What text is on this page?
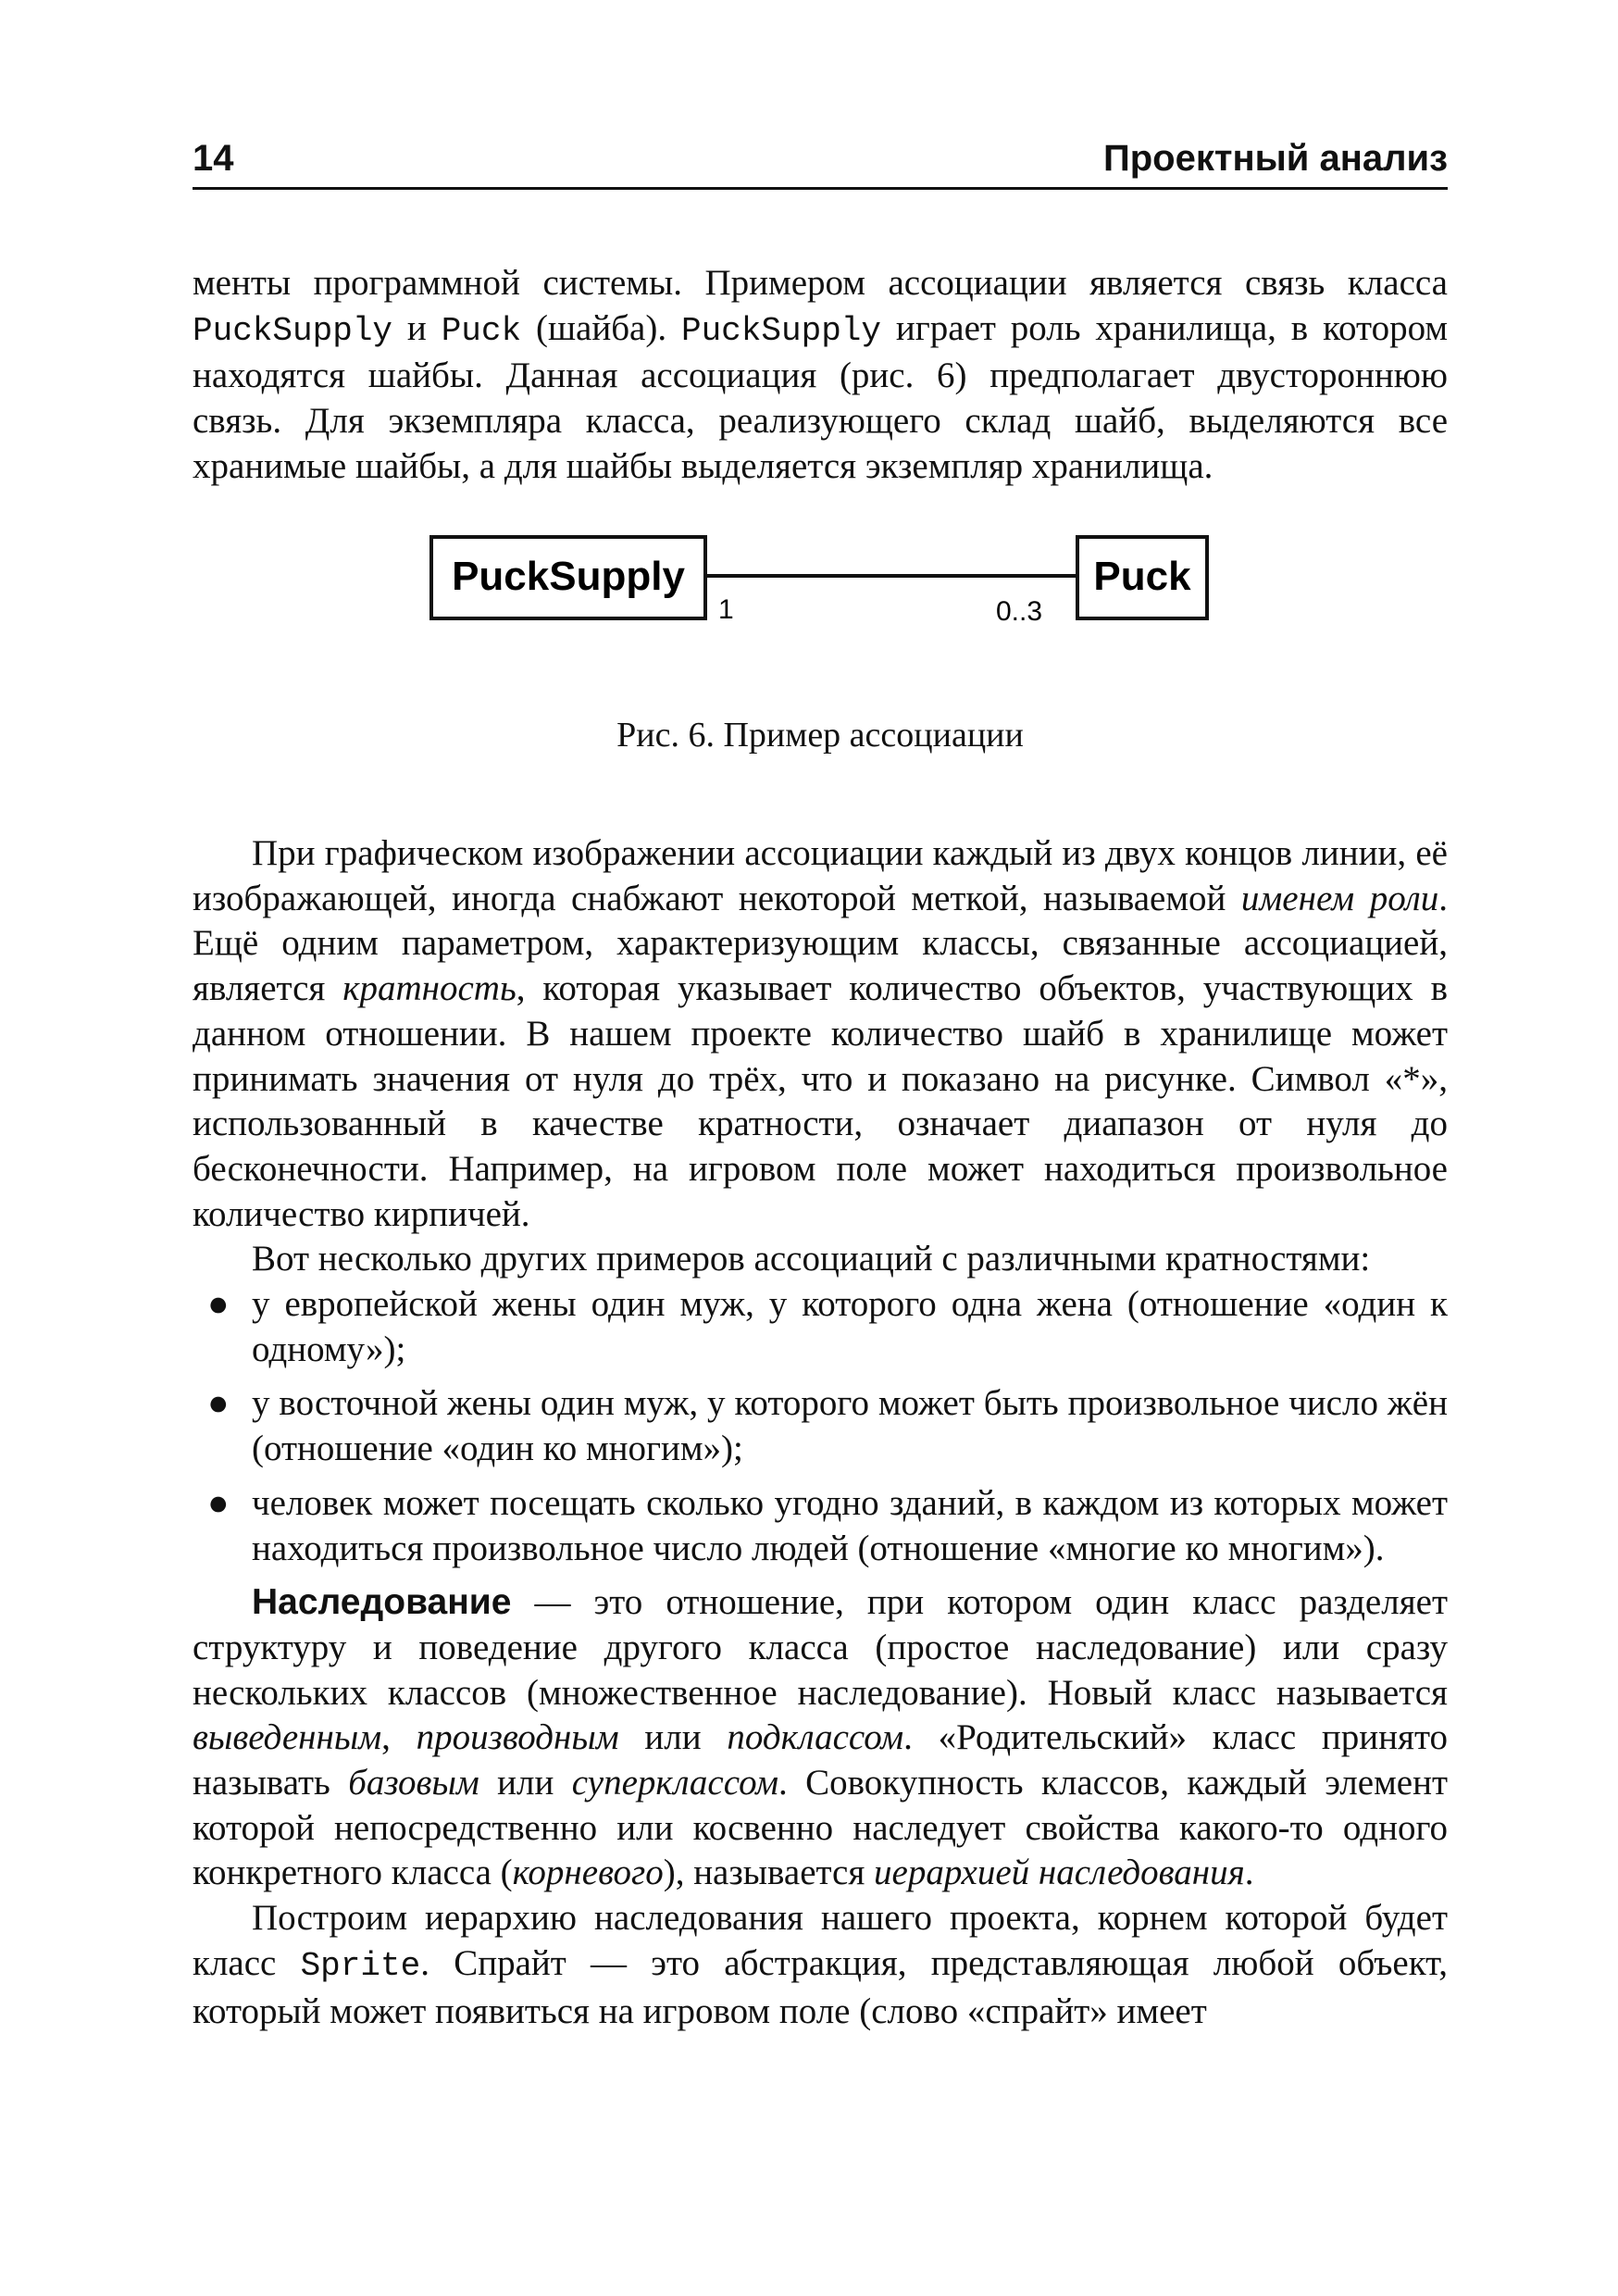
14	Проектный анализ

менты программной системы. Примером ассоциации является связь класса PuckSupply и Puck (шайба). PuckSupply играет роль хранилища, в котором находятся шайбы. Данная ассоциация (рис. 6) предполагает двустороннюю связь. Для экземпляра класса, реализующего склад шайб, выделяются все хранимые шайбы, а для шайбы выделяется экземпляр хранилища.

PuckSupply	Puck
1	0..3
Рис. 6. Пример ассоциации

При графическом изображении ассоциации каждый из двух концов линии, её изображающей, иногда снабжают некоторой меткой, называемой именем роли. Ещё одним параметром, характеризующим классы, связанные ассоциацией, является кратность, которая указывает количество объектов, участвующих в данном отношении. В нашем проекте количество шайб в хранилище может принимать значения от нуля до трёх, что и показано на рисунке. Символ «*», использованный в качестве кратности, означает диапазон от нуля до бесконечности. Например, на игровом поле может находиться произвольное количество кирпичей.

Вот несколько других примеров ассоциаций с различными кратностями:

● у европейской жены один муж, у которого одна жена (отношение «один к одному»);
● у восточной жены один муж, у которого может быть произвольное число жён (отношение «один ко многим»);
● человек может посещать сколько угодно зданий, в каждом из которых может находиться произвольное число людей (отношение «многие ко многим»).

Наследование — это отношение, при котором один класс разделяет структуру и поведение другого класса (простое наследование) или сразу нескольких классов (множественное наследование). Новый класс называется выведенным, производным или подклассом. «Родительский» класс принято называть базовым или суперклассом. Совокупность классов, каждый элемент которой непосредственно или косвенно наследует свойства какого-то одного конкретного класса (корневого), называется иерархией наследования.

Построим иерархию наследования нашего проекта, корнем которой будет класс Sprite. Спрайт — это абстракция, представляющая любой объект, который может появиться на игровом поле (слово «спрайт» имеет
